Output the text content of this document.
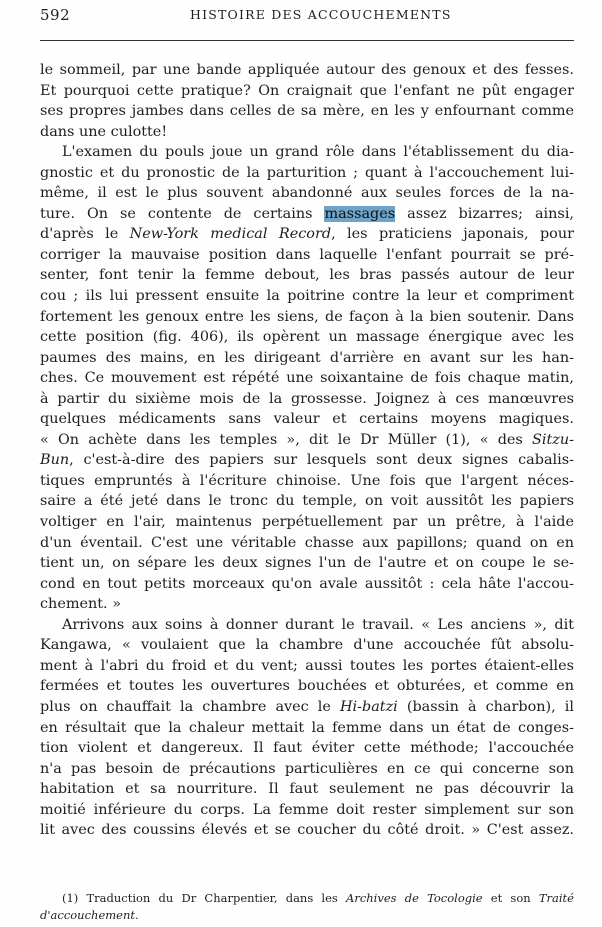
592	HISTOIRE DES ACCOUCHEMENTS
le sommeil, par une bande appliquée autour des genoux et des fesses.
Et pourquoi cette pratique? On craignait que l'enfant ne pût engager
ses propres jambes dans celles de sa mère, en les y enfournant comme
dans une culotte!
L'examen du pouls joue un grand rôle dans l'établissement du dia-
gnostic et du pronostic de la parturition ; quant à l'accouchement lui-
même, il est le plus souvent abandonné aux seules forces de la na-
ture. On se contente de certains massages assez bizarres; ainsi,
d'après le New-York medical Record, les praticiens japonais, pour
corriger la mauvaise position dans laquelle l'enfant pourrait se pré-
senter, font tenir la femme debout, les bras passés autour de leur
cou ; ils lui pressent ensuite la poitrine contre la leur et compriment
fortement les genoux entre les siens, de façon à la bien soutenir. Dans
cette position (fig. 406), ils opèrent un massage énergique avec les
paumes des mains, en les dirigeant d'arrière en avant sur les han-
ches. Ce mouvement est répété une soixantaine de fois chaque matin,
à partir du sixième mois de la grossesse. Joignez à ces manœuvres
quelques médicaments sans valeur et certains moyens magiques.
« On achète dans les temples », dit le Dr Müller (1), « des Sitzu-
Bun, c'est-à-dire des papiers sur lesquels sont deux signes cabalis-
tiques empruntés à l'écriture chinoise. Une fois que l'argent néces-
saire a été jeté dans le tronc du temple, on voit aussitôt les papiers
voltiger en l'air, maintenus perpétuellement par un prêtre, à l'aide
d'un éventail. C'est une véritable chasse aux papillons; quand on en
tient un, on sépare les deux signes l'un de l'autre et on coupe le se-
cond en tout petits morceaux qu'on avale aussitôt : cela hâte l'accou-
chement. »
Arrivons aux soins à donner durant le travail. « Les anciens », dit
Kangawa, « voulaient que la chambre d'une accouchée fût absolu-
ment à l'abri du froid et du vent; aussi toutes les portes étaient-elles
fermées et toutes les ouvertures bouchées et obturées, et comme en
plus on chauffait la chambre avec le Hi-batzi (bassin à charbon), il
en résultait que la chaleur mettait la femme dans un état de conges-
tion violent et dangereux. Il faut éviter cette méthode; l'accouchée
n'a pas besoin de précautions particulières en ce qui concerne son
habitation et sa nourriture. Il faut seulement ne pas découvrir la
moitié inférieure du corps. La femme doit rester simplement sur son
lit avec des coussins élevés et se coucher du côté droit. » C'est assez.
(1) Traduction du Dr Charpentier, dans les Archives de Tocologie et son Traité
d'accouchement.
